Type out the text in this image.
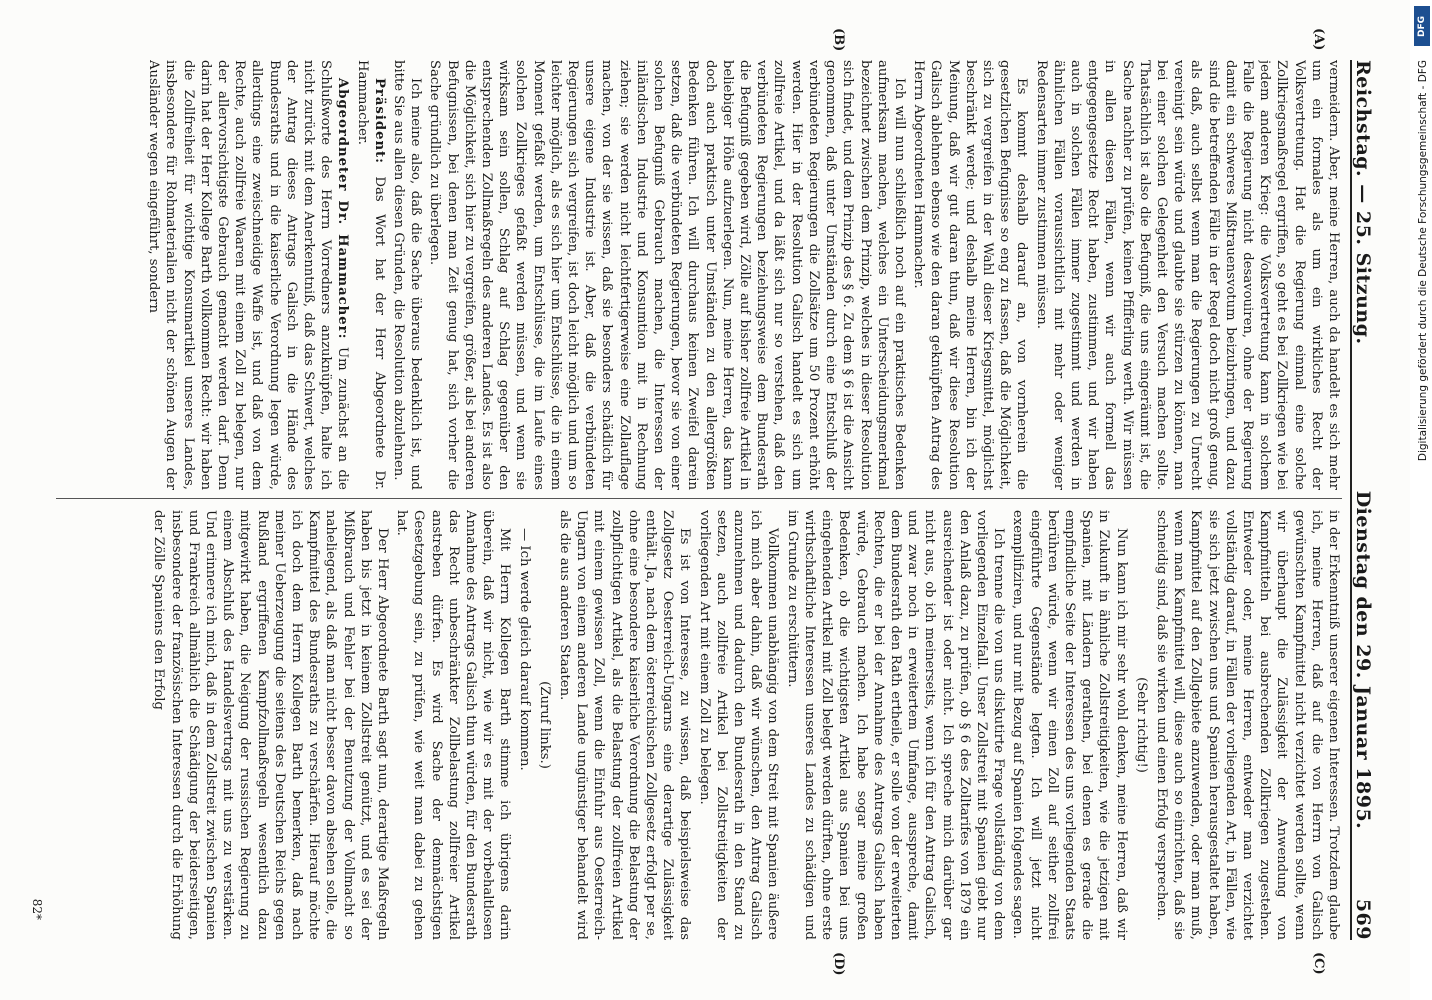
Reichstag. — 25. Sitzung.
Dienstag den 29. Januar 1895.
569
(A)
(B)
(C)
(D)

vermeidern. Aber, meine Herren, auch da handelt es sich mehr um ein formales als um ein wirkliches Recht der Volksvertretung. Hat die Regierung einmal eine solche Zollkriegsmaßregel ergriffen, so geht es bei Zollkriegen wie bei jedem anderen Krieg: die Volksvertretung kann in solchem Falle die Regierung nicht desavouiren, ohne der Regierung damit ein schweres Mißtrauensvotum beizubringen, und dazu sind die betreffenden Fälle in der Regel doch nicht groß genug, als daß, auch selbst wenn man die Regierungen zu Unrecht vereinigt sein würde und glaubte sie stürzen zu können, man bei einer solchen Gelegenheit den Versuch machen sollte. Thatsächlich ist also die Befugniß, die uns eingeräumt ist, die Sache nachher zu prüfen, keinen Pfifferling werth. Wir müssen in allen diesen Fällen, wenn wir auch formell das entgegengesetzte Recht haben, zustimmen, und wir haben auch in solchen Fällen immer zugestimmt und werden in ähnlichen Fällen voraussichtlich mit mehr oder weniger Redensarten immer zustimmen müssen.

Es kommt deshalb darauf an, von vornherein die gesetzlichen Befugnisse so eng zu fassen, daß die Möglichkeit, sich zu vergreifen in der Wahl dieser Kriegsmittel, möglichst beschränkt werde; und deshalb meine Herren, bin ich der Meinung, daß wir gut daran thun, daß wir diese Resolution Galisch ablehnen ebenso wie den daran geknüpften Antrag des Herrn Abgeordneten Hammacher.

Ich will nun schließlich noch auf ein praktisches Bedenken aufmerksam machen, welches ein Unterscheidungsmerkmal bezeichnet zwischen dem Prinzip, welches in dieser Resolution sich findet, und dem Prinzip des § 6. Zu dem § 6 ist die Ansicht genommen, daß unter Umständen durch eine Entschluß der verbündeten Regierungen die Zollsätze um 50 Prozent erhöht werden. Hier in der Resolution Galisch handelt es sich um zollfreie Artikel, und da läßt sich nur so verstehen, daß den verbündeten Regierungen beziehungsweise dem Bundesrath die Befugniß gegeben wird, Zölle auf bisher zollfreie Artikel in beliebiger Höhe aufzuerlegen. Nun, meine Herren, das kann doch auch praktisch unter Umständen zu den allergrößten Bedenken führen. Ich will durchaus keinen Zweifel darein setzen, daß die verbündeten Regierungen, bevor sie von einer solchen Befugniß Gebrauch machen, die Interessen der inländischen Industrie und Konsumtion mit in Rechnung ziehen; sie werden nicht leichtfertigerweise eine Zollauflage machen, von der sie wissen, daß sie besonders schädlich für unsere eigene Industrie ist. Aber, daß die verbündeten Regierungen sich vergreifen, ist doch leicht möglich und um so leichter möglich, als es sich hier um Entschlüsse, die in einem Moment gefaßt werden, um Entschlüsse, die im Laufe eines solchen Zollkrieges gefaßt werden müssen, und wenn sie wirksam sein sollen, Schlag auf Schlag gegenüber den entsprechenden Zollmaßregeln des anderen Landes. Es ist also die Möglichkeit, sich hier zu vergreifen, größer, als bei anderen Befugnissen, bei denen man Zeit genug hat, sich vorher die Sache gründlich zu überlegen.

Ich meine also, daß die Sache überaus bedenklich ist, und bitte Sie aus allen diesen Gründen, die Resolution abzulehnen.

Präsident: Das Wort hat der Herr Abgeordnete Dr. Hammacher.

Abgeordneter Dr. Hammacher: Um zunächst an die Schlußworte des Herrn Vorredners anzuknüpfen, halte ich nicht zurück mit dem Anerkenntniß, daß das Schwert, welches der Antrag dieses Antrags Galisch in die Hände des Bundesraths und in die kaiserliche Verordnung legen würde, allerdings eine zweischneidige Waffe ist, und daß von dem Rechte, auch zollfreie Waaren mit einem Zoll zu belegen, nur der allervorsichtigste Gebrauch gemacht werden darf. Denn darin hat der Herr Kollege Barth vollkommen Recht: wir haben die Zollfreiheit für wichtige Konsumartikel unseres Landes, insbesondere für Rohmaterialien nicht der schönen Augen der Ausländer wegen eingeführt, sondern

in der Erkenntniß unserer eigenen Interessen. Trotzdem glaube ich, meine Herren, daß auf die von Herrn von Galisch gewünschten Kampfmittel nicht verzichtet werden sollte, wenn wir überhaupt die Zulässigkeit der Anwendung von Kampfmitteln bei ausbrechenden Zollkriegen zugestehen. Entweder oder, meine Herren, entweder man verzichtet vollständig darauf, in Fällen der vorliegenden Art, in Fällen, wie sie sich jetzt zwischen uns und Spanien herausgestaltet haben, Kampfmittel auf den Zollgebiete anzuwenden, oder man muß, wenn man Kampfmittel will, diese auch so einrichten, daß sie schneidig sind, daß sie wirken und einen Erfolg versprechen.

(Sehr richtig!)

Nun kann ich mir sehr wohl denken, meine Herren, daß wir in Zukunft in ähnliche Zollstreitigkeiten, wie die jetzigen mit Spanien, mit Ländern gerathen, bei denen es gerade die empfindliche Seite der Interessen des uns vorliegenden Staats berühren würde, wenn wir einen Zoll auf seither zollfrei eingeführte Gegenstände legten. Ich will jetzt nicht exemplifiziren, und nur mit Bezug auf Spanien folgendes sagen.

Ich trenne die von uns diskutirte Frage vollständig von dem vorliegenden Einzelfall. Unser Zollstreit mit Spanien giebt nur den Anlaß dazu, zu prüfen, ob § 6 des Zolltarifes von 1879 ein ausreichender ist oder nicht. Ich spreche mich darüber gar nicht aus, ob ich meinerseits, wenn ich für den Antrag Galisch, und zwar noch in erweitertem Umfange, ausspreche, damit dem Bundesrath den Rath ertheile, er solle von der erweiterten Rechten, die er bei der Annahme des Antrags Galisch haben würde, Gebrauch machen. Ich habe sogar meine großen Bedenken, ob die wichtigsten Artikel aus Spanien bei uns eingehenden Artikel mit Zoll belegt werden dürften, ohne erste wirthschaftliche Interessen unseres Landes zu schädigen und im Grunde zu erschüttern.

Vollkommen unabhängig von dem Streit mit Spanien äußere ich mich aber dahin, daß wir wünschen, den Antrag Galisch anzunehmen und dadurch den Bundesrath in den Stand zu setzen, auch zollfreie Artikel bei Zollstreitigkeiten der vorliegenden Art mit einem Zoll zu belegen.

Es ist von Interesse, zu wissen, daß beispielsweise das Zollgesetz Oesterreich-Ungarns eine derartige Zulässigkeit enthält. Ja, nach dem österreichischen Zollgesetz erfolgt per se, ohne eine besondere kaiserliche Verordnung die Belastung der zollpflichtigen Artikel, als die Belastung der zollfreien Artikel mit einem gewissen Zoll, wenn die Einfuhr aus Oesterreich-Ungarn von einem anderen Lande ungünstiger behandelt wird als die aus anderen Staaten.

(Zuruf links.)

— Ich werde gleich darauf kommen.

Mit Herrn Kollegen Barth stimme ich übrigens darin überein, daß wir nicht, wie wir es mit der vorbehaltlosen Annahme des Antrags Galisch thun würden, für den Bundesrath das Recht unbeschränkter Zollbelastung zollfreier Artikel anstreben dürfen. Es wird Sache der demnächstigen Gesetzgebung sein, zu prüfen, wie weit man dabei zu gehen hat.

Der Herr Abgeordnete Barth sagt nun, derartige Maßregeln haben bis jetzt in keinem Zollstreit genützt, und es sei der Mißbrauch und Fehler bei der Benutzung der Vollmacht so naheliegend, als daß man nicht besser davon absehen solle, die Kampfmittel des Bundesraths zu verschärfen. Hierauf möchte ich doch dem Herrn Kollegen Barth bemerken, daß nach meiner Ueberzeugung die seitens des Deutschen Reichs gegen Rußland ergriffenen Kampfzollmaßregeln wesentlich dazu mitgewirkt haben, die Neigung der russischen Regierung zu einem Abschluß des Handelsvertrags mit uns zu verstärken. Und erinnere ich mich, daß in dem Zollstreit zwischen Spanien und Frankreich allmählich die Schädigung der beiderseitigen, insbesondere der französischen Interessen durch die Erhöhung der Zölle Spaniens den Erfolg

82*
DFG
Digitalisierung gefördert durch die Deutsche Forschungsgemeinschaft - DFG
